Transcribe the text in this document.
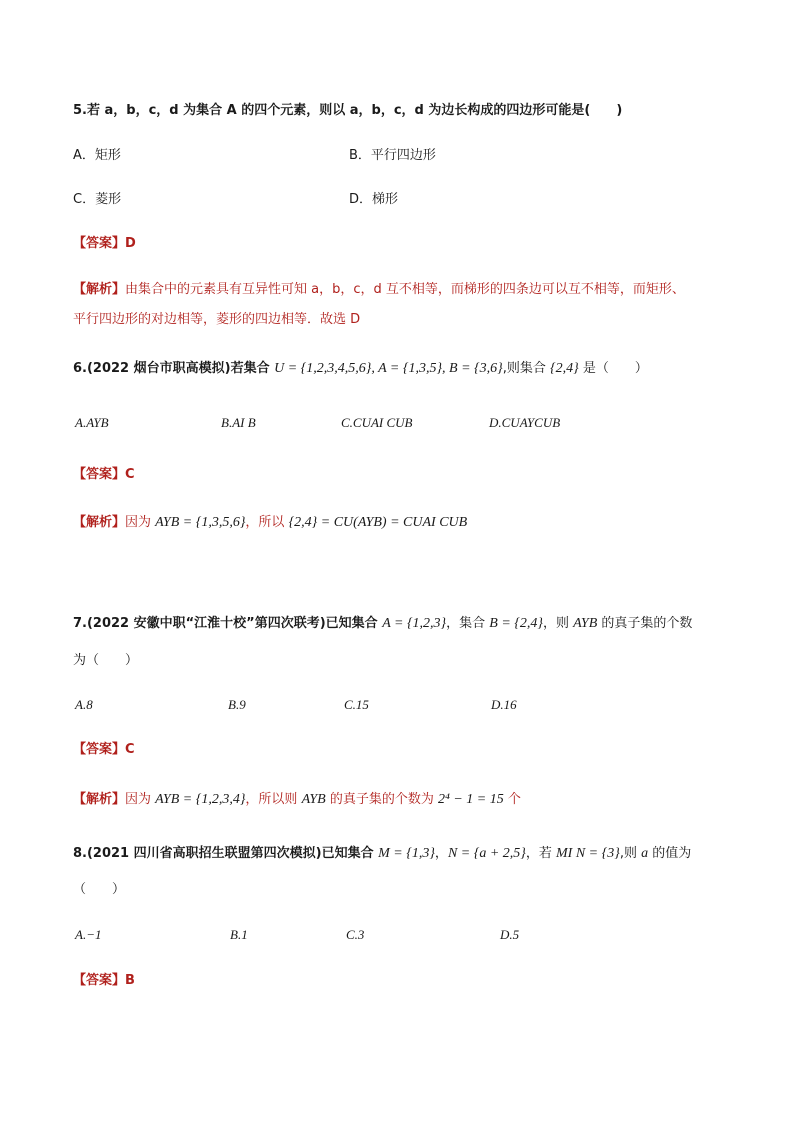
5.若 a，b，c，d 为集合 A 的四个元素，则以 a，b，c，d 为边长构成的四边形可能是(　　)
A．矩形	B．平行四边形
C．菱形	D．梯形
【答案】D
【解析】由集合中的元素具有互异性可知 a，b，c，d 互不相等，而梯形的四条边可以互不相等，而矩形、
平行四边形的对边相等，菱形的四边相等．故选 D
6.(2022 烟台市职高模拟)若集合 U = {1,2,3,4,5,6}, A = {1,3,5}, B = {3,6},则集合 {2,4} 是（　　）
A.AYB	B.AI B	C.CUAI CUB	D.CUAYCUB
【答案】C
【解析】因为 AYB = {1,3,5,6}，所以 {2,4} = CU(AYB) = CUAI CUB
7.(2022 安徽中职“江淮十校”第四次联考)已知集合 A = {1,2,3}，集合 B = {2,4}，则 AYB 的真子集的个数
为（　　）
A.8	B.9	C.15	D.16
【答案】C
【解析】因为 AYB = {1,2,3,4}，所以则 AYB 的真子集的个数为 2⁴ − 1 = 15 个
8.(2021 四川省高职招生联盟第四次模拟)已知集合 M = {1,3}，N = {a + 2,5}，若 MI N = {3},则 a 的值为
（　　）
A.−1	B.1	C.3	D.5
【答案】B
